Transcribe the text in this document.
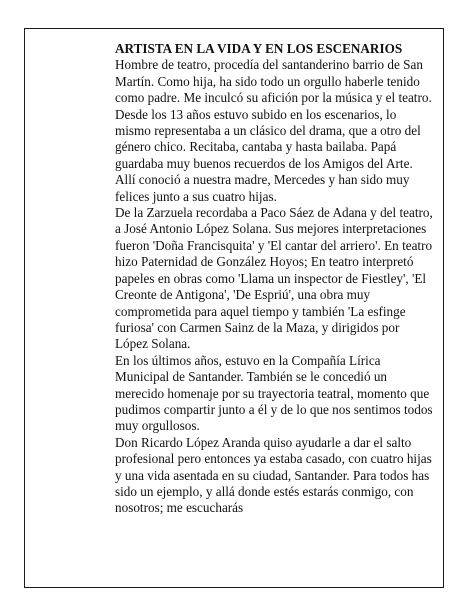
ARTISTA EN LA VIDA Y EN LOS ESCENARIOS

Hombre de teatro, procedía del santanderino barrio de San Martín. Como hija, ha sido todo un orgullo haberle tenido como padre. Me inculcó su afición por la música y el teatro. Desde los 13 años estuvo subido en los escenarios, lo mismo representaba a un clásico del drama, que a otro del género chico. Recitaba, cantaba y hasta bailaba. Papá guardaba muy buenos recuerdos de los Amigos del Arte. Allí conoció a nuestra madre, Mercedes y han sido muy felices junto a sus cuatro hijas.

De la Zarzuela recordaba a Paco Sáez de Adana y del teatro, a José Antonio López Solana. Sus mejores interpretaciones fueron 'Doña Francisquita' y 'El cantar del arriero'. En teatro hizo Paternidad de González Hoyos; En teatro interpretó papeles en obras como 'Llama un inspector de Fiestley', 'El Creonte de Antigona', 'De Espriú', una obra muy comprometida para aquel tiempo y también 'La esfinge furiosa' con Carmen Sainz de la Maza, y dirigidos por López Solana.

En los últimos años, estuvo en la Compañía Lírica Municipal de Santander. También se le concedió un merecido homenaje por su trayectoria teatral, momento que pudimos compartir junto a él y de lo que nos sentimos todos muy orgullosos.

Don Ricardo López Aranda quiso ayudarle a dar el salto profesional pero entonces ya estaba casado, con cuatro hijas y una vida asentada en su ciudad, Santander. Para todos has sido un ejemplo, y allá donde estés estarás conmigo, con nosotros; me escucharás
